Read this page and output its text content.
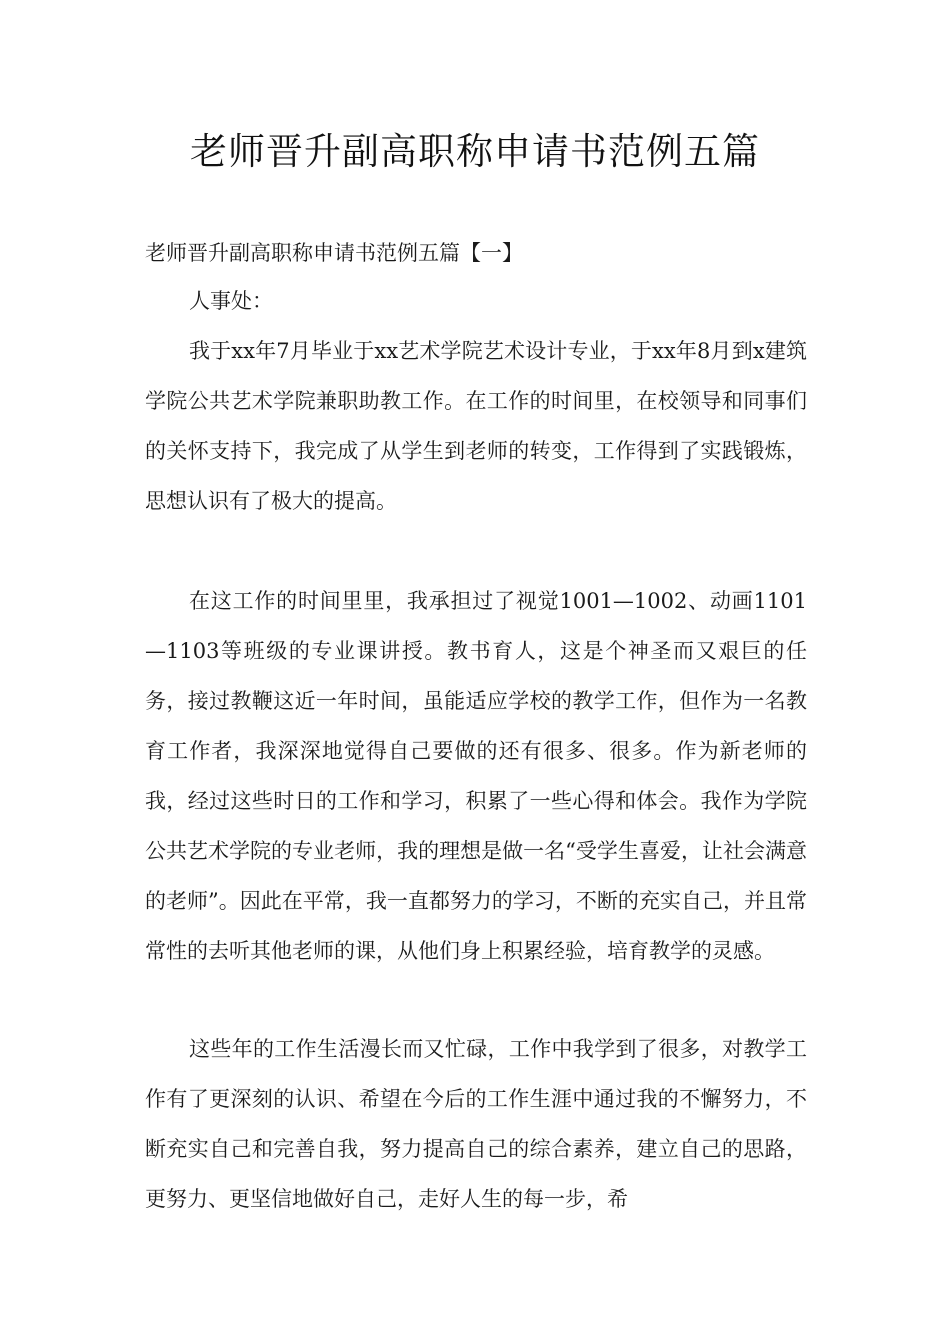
老师晋升副高职称申请书范例五篇

老师晋升副高职称申请书范例五篇【一】

人事处：

我于xx年7月毕业于xx艺术学院艺术设计专业，于xx年8月到x建筑学院公共艺术学院兼职助教工作。在工作的时间里，在校领导和同事们的关怀支持下，我完成了从学生到老师的转变，工作得到了实践锻炼，思想认识有了极大的提高。

在这工作的时间里里，我承担过了视觉1001—1002、动画1101—1103等班级的专业课讲授。教书育人，这是个神圣而又艰巨的任务，接过教鞭这近一年时间，虽能适应学校的教学工作，但作为一名教育工作者，我深深地觉得自己要做的还有很多、很多。作为新老师的我，经过这些时日的工作和学习，积累了一些心得和体会。我作为学院公共艺术学院的专业老师，我的理想是做一名“受学生喜爱，让社会满意的老师”。因此在平常，我一直都努力的学习，不断的充实自己，并且常常性的去听其他老师的课，从他们身上积累经验，培育教学的灵感。

这些年的工作生活漫长而又忙碌，工作中我学到了很多，对教学工作有了更深刻的认识、希望在今后的工作生涯中通过我的不懈努力，不断充实自己和完善自我，努力提高自己的综合素养，建立自己的思路，更努力、更坚信地做好自己，走好人生的每一步，希
